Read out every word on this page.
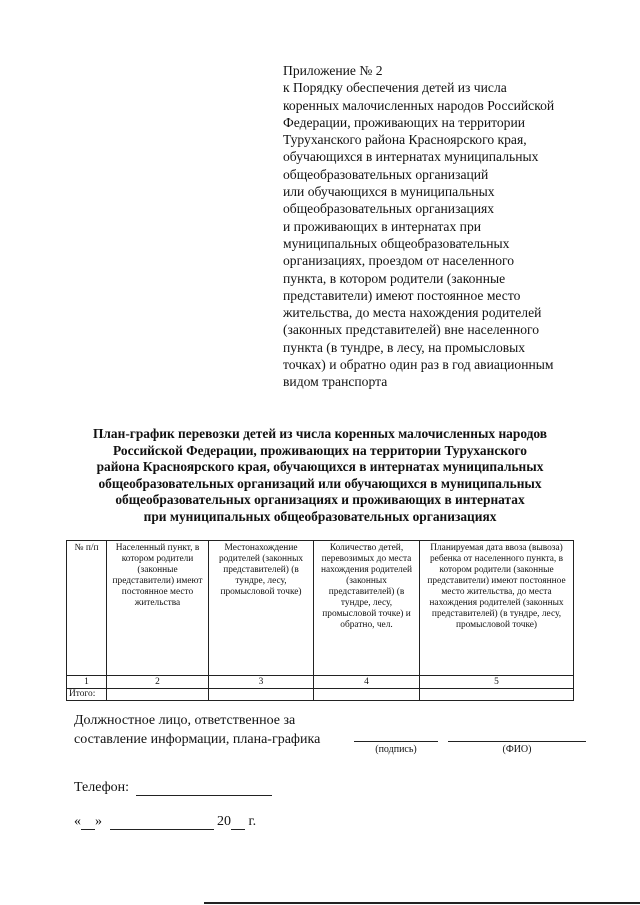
Приложение № 2
к Порядку обеспечения детей из числа
коренных малочисленных народов Российской
Федерации, проживающих на территории
Туруханского района Красноярского края,
обучающихся в интернатах муниципальных
общеобразовательных организаций
или обучающихся в муниципальных
общеобразовательных организациях
и проживающих в интернатах при
муниципальных общеобразовательных
организациях, проездом от населенного
пункта, в котором родители (законные
представители) имеют постоянное место
жительства, до места нахождения родителей
(законных представителей) вне населенного
пункта (в тундре, в лесу, на промысловых
точках) и обратно один раз в год авиационным
видом транспорта
План-график перевозки детей из числа коренных малочисленных народов
Российской Федерации, проживающих на территории Туруханского
района Красноярского края, обучающихся в интернатах муниципальных
общеобразовательных организаций или обучающихся в муниципальных
общеобразовательных организациях и проживающих в интернатах
при муниципальных общеобразовательных организациях
№ п/п	Населенный пункт, в котором родители (законные представители) имеют постоянное место жительства	Местонахождение родителей (законных представителей) (в тундре, лесу, промысловой точке)	Количество детей, перевозимых до места нахождения родителей (законных представителей) (в тундре, лесу, промысловой точке) и обратно, чел.	Планируемая дата ввоза (вывоза) ребенка от населенного пункта, в котором родители (законные представители) имеют постоянное место жительства, до места нахождения родителей (законных представителей) (в тундре, лесу, промысловой точке)
1	2	3	4	5
Итого:				
Должностное лицо, ответственное за
составление информации, плана-графика
(подпись)	(ФИО)
Телефон:
« »	20 г.
